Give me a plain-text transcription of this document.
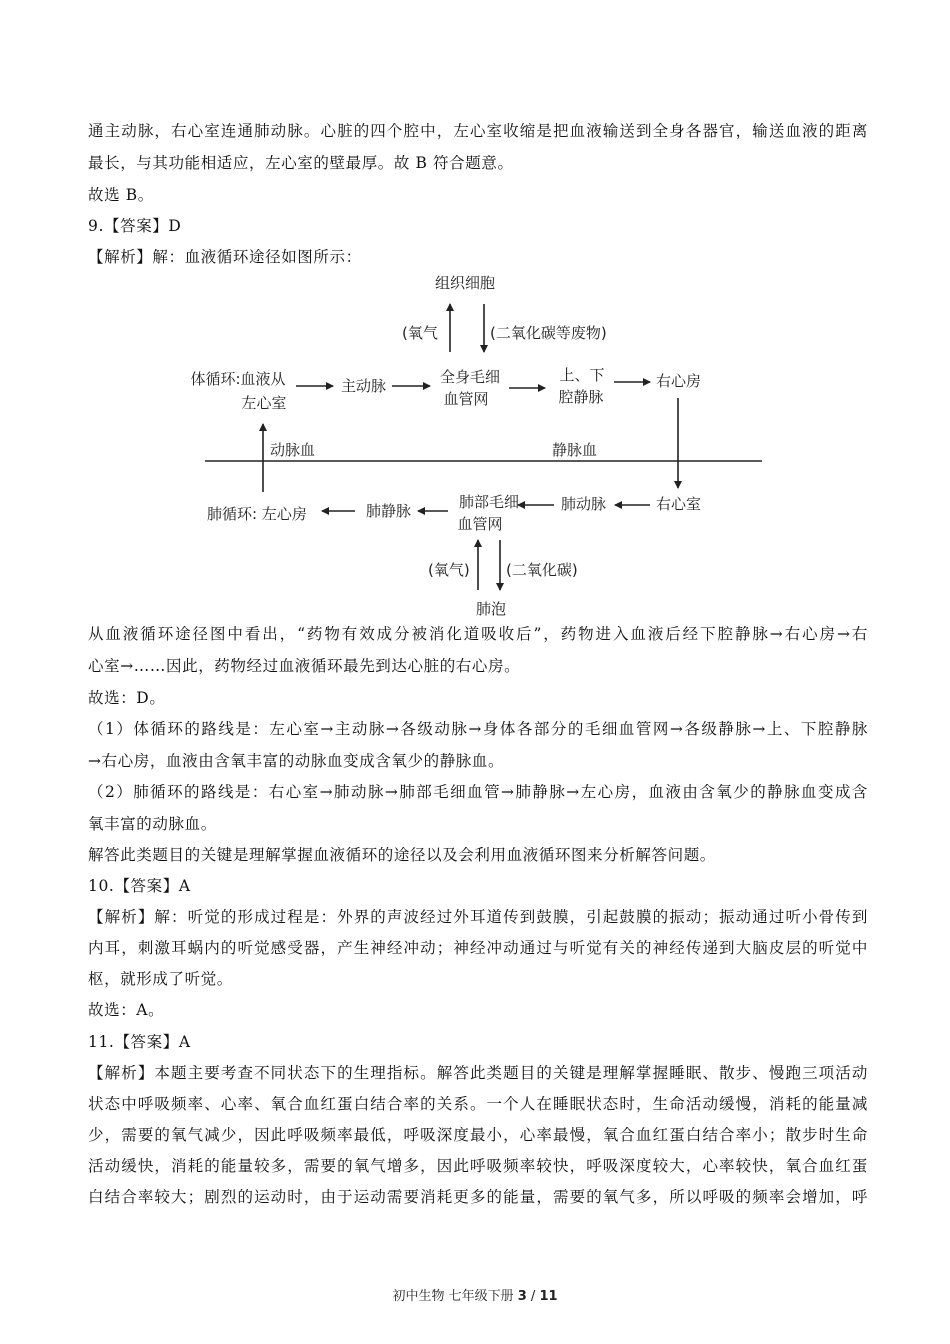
通主动脉，右心室连通肺动脉。心脏的四个腔中，左心室收缩是把血液输送到全身各器官，输送血液的距离
最长，与其功能相适应，左心室的壁最厚。故 B 符合题意。
故选 B。
9.【答案】D
【解析】解：血液循环途径如图所示：
组织细胞
(氧气	(二氧化碳等废物)
体循环:血液从
左心室
主动脉	全身毛细
血管网
上、下
腔静脉
右心房
动脉血	静脉血
肺循环: 左心房	肺静脉	肺部毛细
血管网
肺动脉	右心室
(氧气) (二氧化碳)
肺泡
从血液循环途径图中看出，“药物有效成分被消化道吸收后”，药物进入血液后经下腔静脉→右心房→右
心室→……因此，药物经过血液循环最先到达心脏的右心房。
故选：D。
（1）体循环的路线是：左心室→主动脉→各级动脉→身体各部分的毛细血管网→各级静脉→上、下腔静脉
→右心房，血液由含氧丰富的动脉血变成含氧少的静脉血。
（2）肺循环的路线是：右心室→肺动脉→肺部毛细血管→肺静脉→左心房，血液由含氧少的静脉血变成含
氧丰富的动脉血。
解答此类题目的关键是理解掌握血液循环的途径以及会利用血液循环图来分析解答问题。
10.【答案】A
【解析】解：听觉的形成过程是：外界的声波经过外耳道传到鼓膜，引起鼓膜的振动；振动通过听小骨传到
内耳，刺激耳蜗内的听觉感受器，产生神经冲动；神经冲动通过与听觉有关的神经传递到大脑皮层的听觉中
枢，就形成了听觉。
故选：A。
11.【答案】A
【解析】本题主要考查不同状态下的生理指标。解答此类题目的关键是理解掌握睡眠、散步、慢跑三项活动
状态中呼吸频率、心率、氧合血红蛋白结合率的关系。一个人在睡眠状态时，生命活动缓慢，消耗的能量减
少，需要的氧气减少，因此呼吸频率最低，呼吸深度最小，心率最慢，氧合血红蛋白结合率小；散步时生命
活动缓快，消耗的能量较多，需要的氧气增多，因此呼吸频率较快，呼吸深度较大，心率较快，氧合血红蛋
白结合率较大；剧烈的运动时，由于运动需要消耗更多的能量，需要的氧气多，所以呼吸的频率会增加，呼
初中生物 七年级下册 3 / 11
